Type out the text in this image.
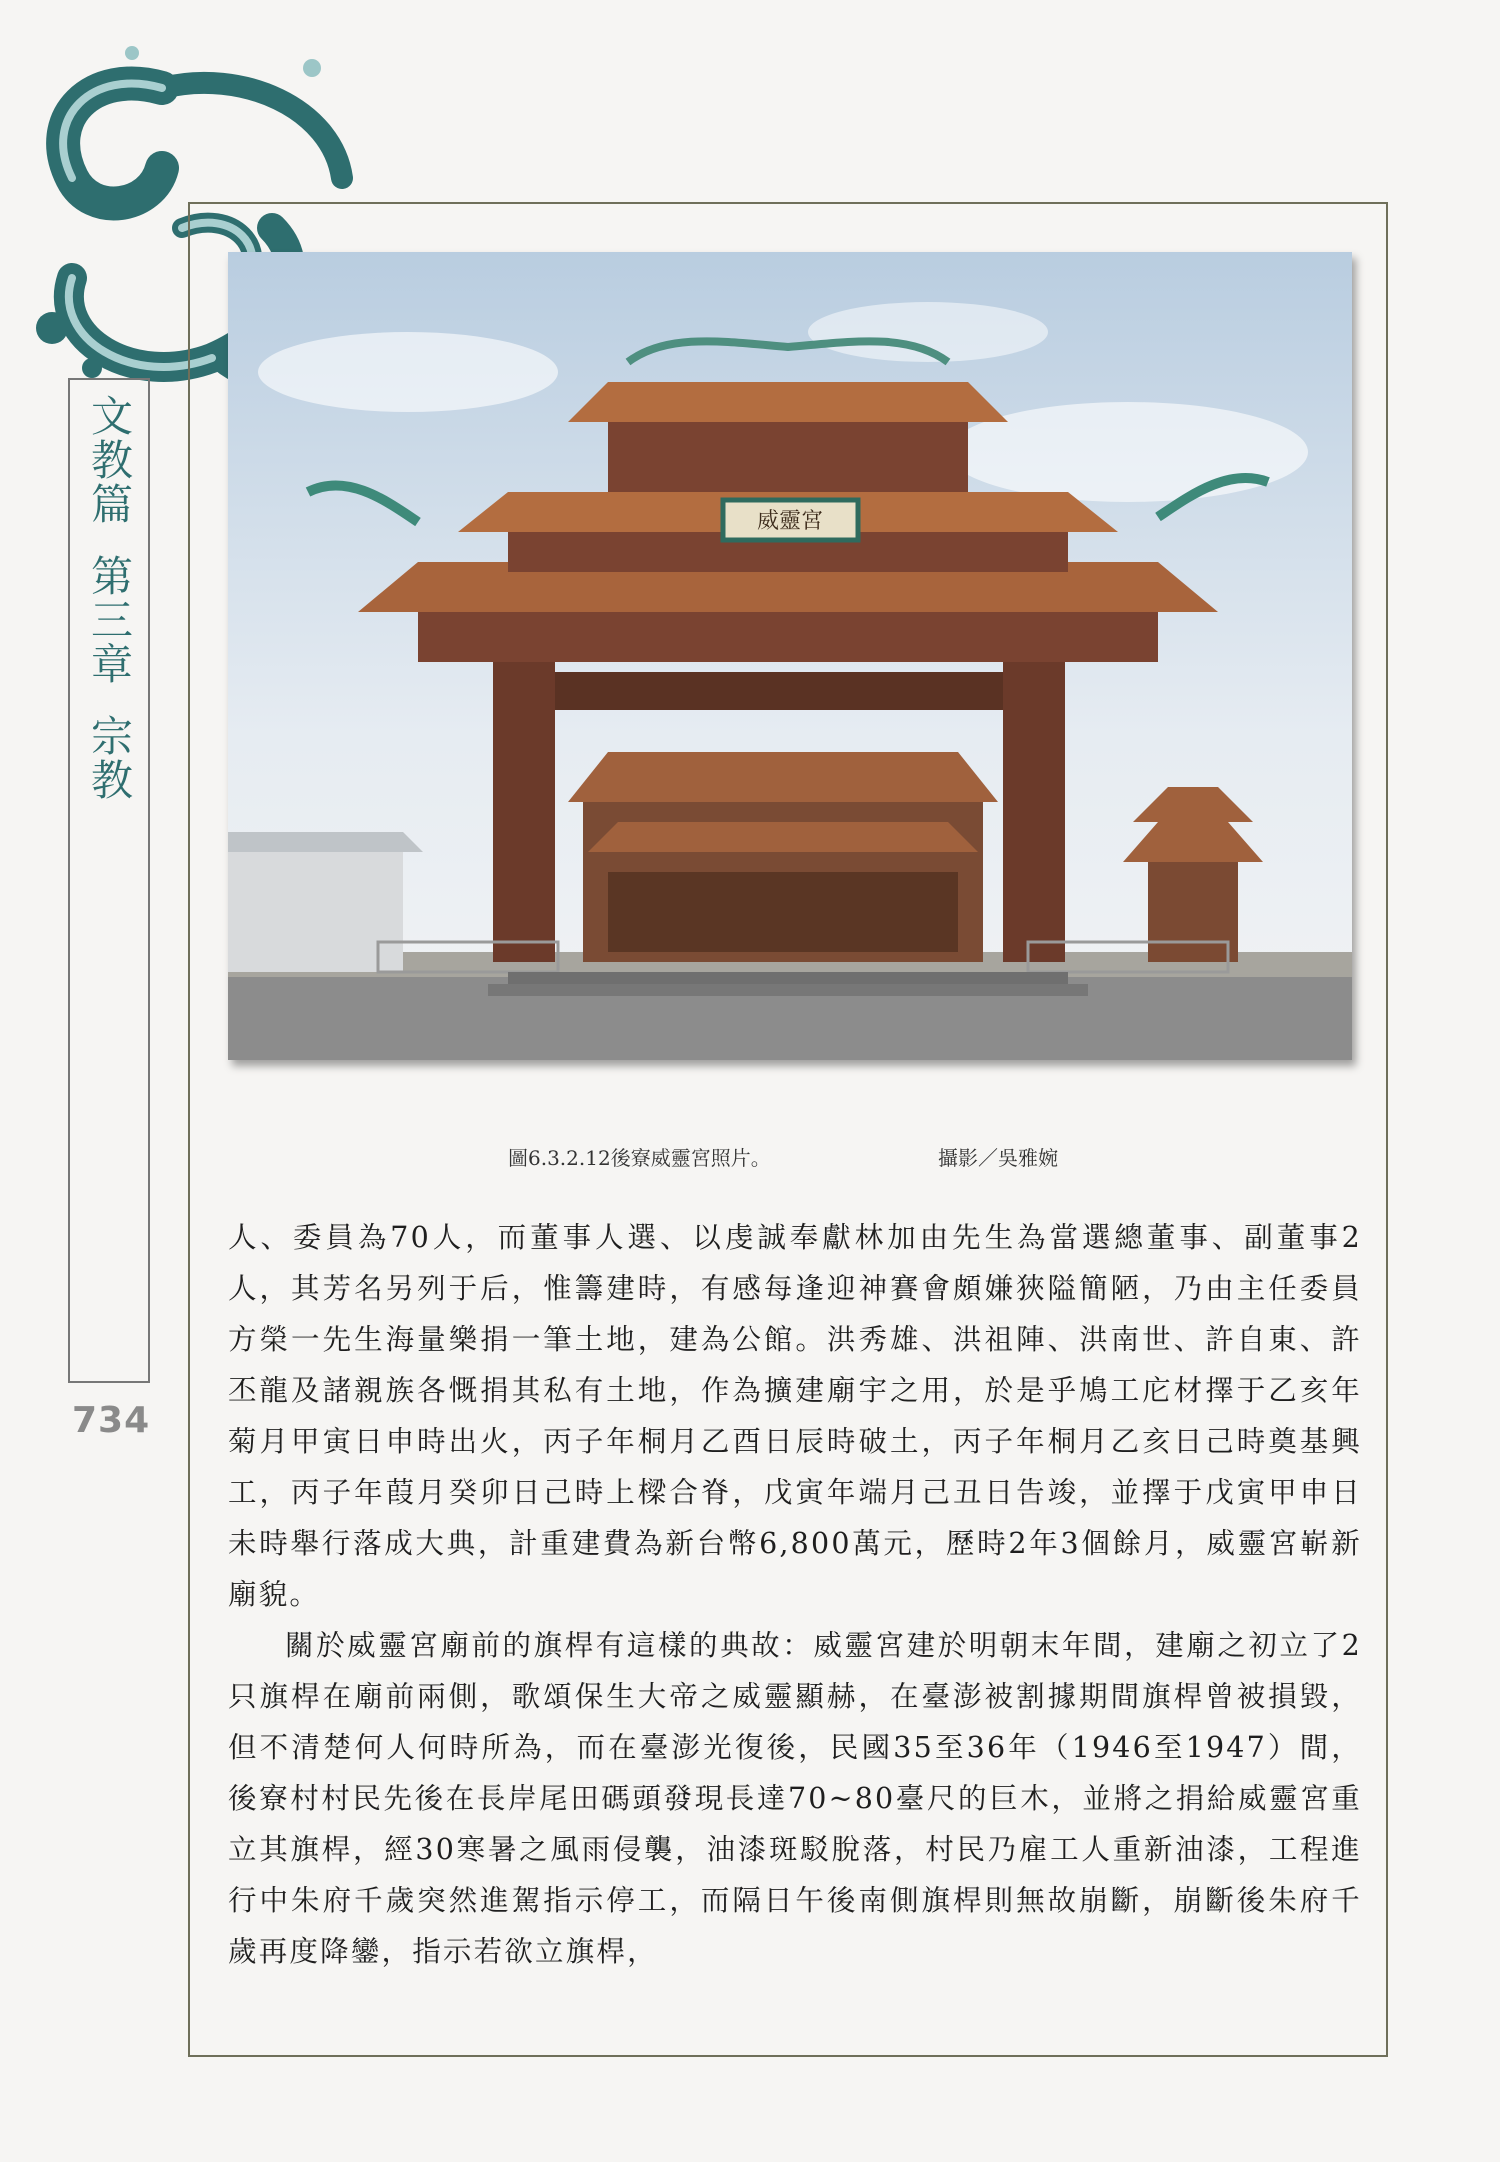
文教篇
第三章
宗教
734
威靈宮
圖6.3.2.12後寮威靈宮照片。	攝影／吳雅婉

人、委員為70人，而董事人選、以虔誠奉獻林加由先生為當選總董事、副董事2人，其芳名另列于后，惟籌建時，有感每逢迎神賽會頗嫌狹隘簡陋，乃由主任委員方榮一先生海量樂捐一筆土地，建為公館。洪秀雄、洪祖陣、洪南世、許自東、許丕龍及諸親族各慨捐其私有土地，作為擴建廟宇之用，於是乎鳩工庀材擇于乙亥年菊月甲寅日申時出火，丙子年桐月乙酉日辰時破土，丙子年桐月乙亥日己時奠基興工，丙子年葭月癸卯日己時上樑合脊，戊寅年端月己丑日告竣，並擇于戊寅甲申日未時舉行落成大典，計重建費為新台幣6,800萬元，歷時2年3個餘月，威靈宮嶄新廟貌。

關於威靈宮廟前的旗桿有這樣的典故：威靈宮建於明朝末年間，建廟之初立了2只旗桿在廟前兩側，歌頌保生大帝之威靈顯赫，在臺澎被割據期間旗桿曾被損毀，但不清楚何人何時所為，而在臺澎光復後，民國35至36年（1946至1947）間，後寮村村民先後在長岸尾田碼頭發現長達70~80臺尺的巨木，並將之捐給威靈宮重立其旗桿，經30寒暑之風雨侵襲，油漆斑駁脫落，村民乃雇工人重新油漆，工程進行中朱府千歲突然進駕指示停工，而隔日午後南側旗桿則無故崩斷，崩斷後朱府千歲再度降鑾，指示若欲立旗桿，
